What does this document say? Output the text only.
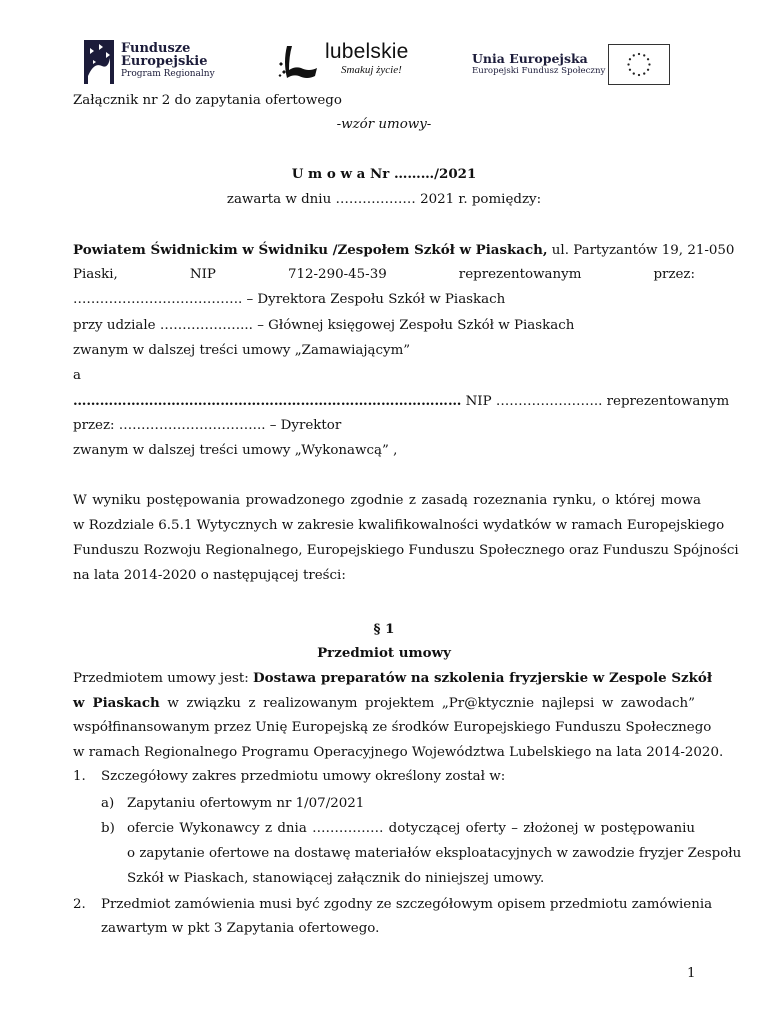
Fundusze
Europejskie
Program Regionalny
lubelskie
Smakuj życie!
Unia Europejska
Europejski Fundusz Społeczny
Załącznik nr 2 do zapytania ofertowego
-wzór umowy-
U m o w a Nr ………/2021
zawarta w dniu ……………… 2021 r. pomiędzy:
Powiatem Świdnickim w Świdniku /Zespołem Szkół w Piaskach, ul. Partyzantów 19, 21-050
Piaski, NIP 712-290-45-39 reprezentowanym przez:
……………………………….. – Dyrektora Zespołu Szkół w Piaskach
przy udziale ………………... – Głównej księgowej Zespołu Szkół w Piaskach
zwanym w dalszej treści umowy „Zamawiającym”
a
…………………………………………………………………………… NIP …………….…….. reprezentowanym
przez: …………………………... – Dyrektor
zwanym w dalszej treści umowy „Wykonawcą” ,
W wyniku postępowania prowadzonego zgodnie z zasadą rozeznania rynku, o której mowa
w Rozdziale 6.5.1 Wytycznych w zakresie kwalifikowalności wydatków w ramach Europejskiego
Funduszu Rozwoju Regionalnego, Europejskiego Funduszu Społecznego oraz Funduszu Spójności
na lata 2014-2020 o następującej treści:
§ 1
Przedmiot umowy
Przedmiotem umowy jest: Dostawa preparatów na szkolenia fryzjerskie w Zespole Szkół
w Piaskach w związku z realizowanym projektem „Pr@ktycznie najlepsi w zawodach”
współfinansowanym przez Unię Europejską ze środków Europejskiego Funduszu Społecznego
w ramach Regionalnego Programu Operacyjnego Województwa Lubelskiego na lata 2014-2020.
1. Szczegółowy zakres przedmiotu umowy określony został w:
a) Zapytaniu ofertowym nr 1/07/2021
b) ofercie Wykonawcy z dnia ……………. dotyczącej oferty – złożonej w postępowaniu
o zapytanie ofertowe na dostawę materiałów eksploatacyjnych w zawodzie fryzjer Zespołu
Szkół w Piaskach, stanowiącej załącznik do niniejszej umowy.
2. Przedmiot zamówienia musi być zgodny ze szczegółowym opisem przedmiotu zamówienia
zawartym w pkt 3 Zapytania ofertowego.
1
